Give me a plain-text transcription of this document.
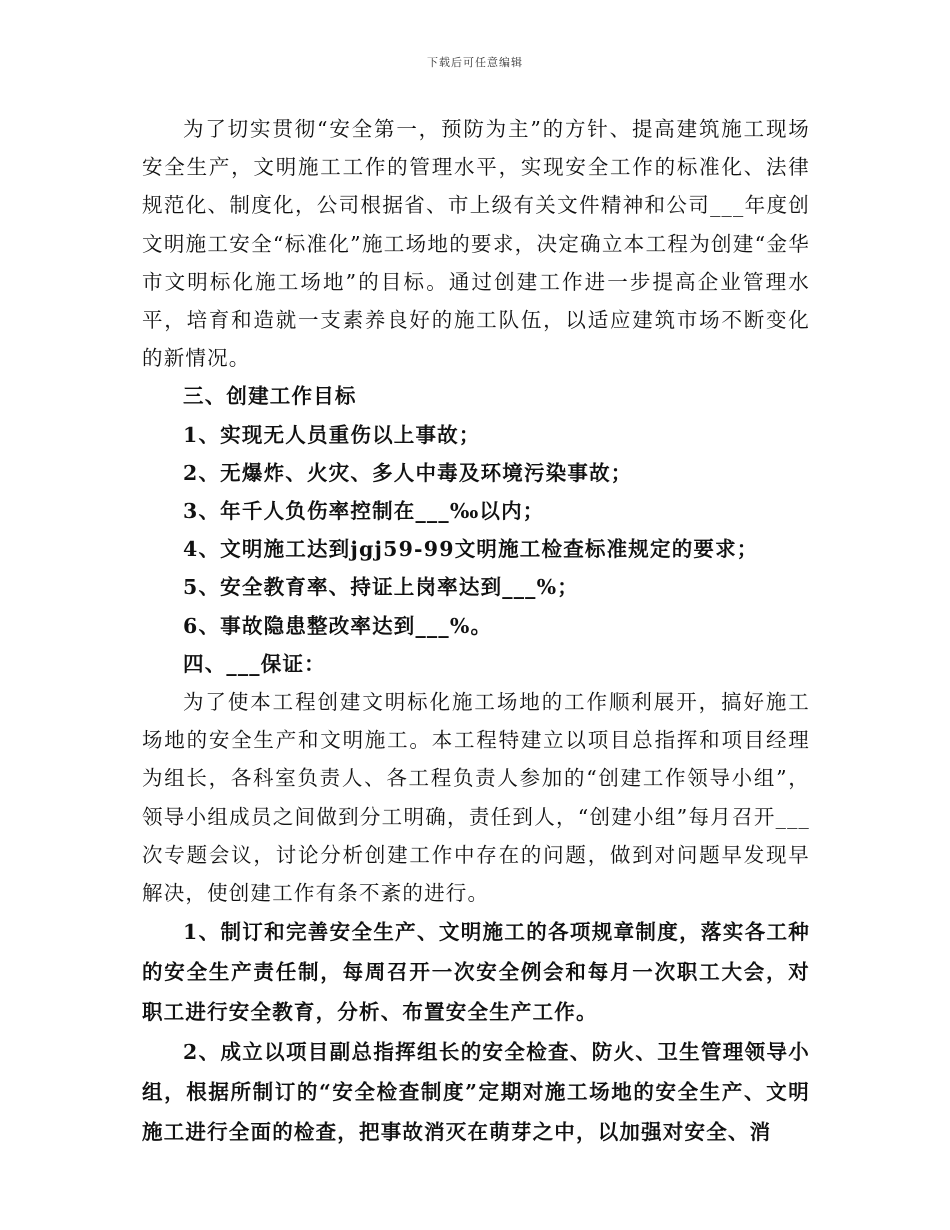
下载后可任意编辑

为了切实贯彻“安全第一，预防为主”的方针、提高建筑施工现场安全生产，文明施工工作的管理水平，实现安全工作的标准化、法律规范化、制度化，公司根据省、市上级有关文件精神和公司___年度创文明施工安全“标准化”施工场地的要求，决定确立本工程为创建“金华市文明标化施工场地”的目标。通过创建工作进一步提高企业管理水平，培育和造就一支素养良好的施工队伍，以适应建筑市场不断变化的新情况。

三、创建工作目标

1、实现无人员重伤以上事故；

2、无爆炸、火灾、多人中毒及环境污染事故；

3、年千人负伤率控制在___‰以内；

4、文明施工达到jgj59-99文明施工检查标准规定的要求；

5、安全教育率、持证上岗率达到___%；

6、事故隐患整改率达到___%。

四、___保证：

为了使本工程创建文明标化施工场地的工作顺利展开，搞好施工场地的安全生产和文明施工。本工程特建立以项目总指挥和项目经理为组长，各科室负责人、各工程负责人参加的“创建工作领导小组”，领导小组成员之间做到分工明确，责任到人，“创建小组”每月召开___次专题会议，讨论分析创建工作中存在的问题，做到对问题早发现早解决，使创建工作有条不紊的进行。

1、制订和完善安全生产、文明施工的各项规章制度，落实各工种的安全生产责任制，每周召开一次安全例会和每月一次职工大会，对职工进行安全教育，分析、布置安全生产工作。

2、成立以项目副总指挥组长的安全检查、防火、卫生管理领导小组，根据所制订的“安全检查制度”定期对施工场地的安全生产、文明施工进行全面的检查，把事故消灭在萌芽之中，以加强对安全、消
